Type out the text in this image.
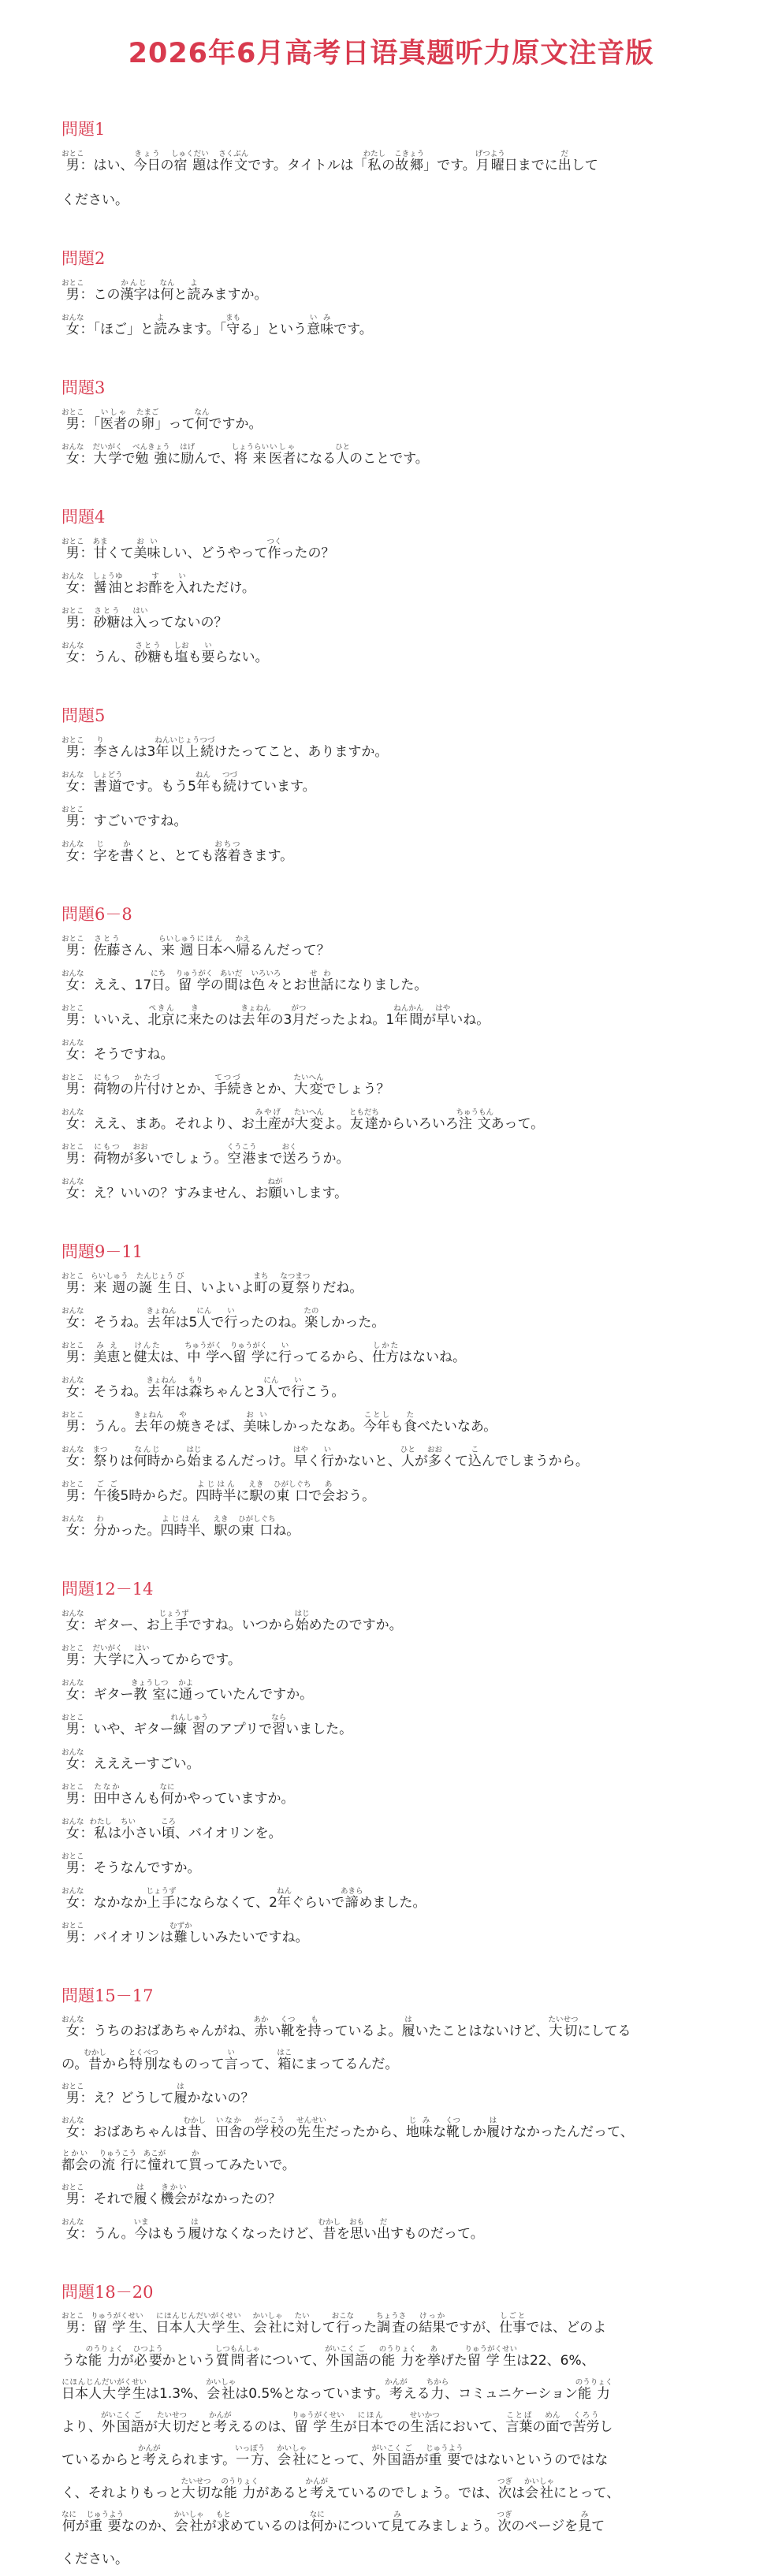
2026年6月高考日语真题听力原文注音版
問題1

男おとこ：はい、今日きょうの宿題しゅくだいは作文さくぶんです。タイトルは「私わたしの故郷こきょう」です。月曜げつよう日までに出だして

ください。

問題2

男おとこ：この漢字かんじは何なんと読よみますか。

女おんな：「ほご」と読よみます。「守まもる」という意味いみです。

問題3

男おとこ：「医者いしゃの卵たまご」って何なんですか。

女おんな：大学だいがくで勉強べんきょうに励はげんで、将来しょうらい医者いしゃになる人ひとのことです。

問題4

男おとこ：甘あまくて美味おいしい、どうやって作つくったの？

女おんな：醤油しょうゆとお酢すを入いれただけ。

男おとこ：砂糖さとうは入はいってないの？

女おんな：うん、砂糖さとうも塩しおも要いらない。

問題5

男おとこ：李りさんは3年ねん以上いじょう続つづけたってこと、ありますか。

女おんな：書道しょどうです。もう5年ねんも続つづけています。

男おとこ：すごいですね。

女おんな：字じを書かくと、とても落着おちつきます。

問題6－8

男おとこ：佐藤さとうさん、来週らいしゅう日本にほんへ帰かえるんだって？

女おんな：ええ、17日にち。留学りゅうがくの間あいだは色々いろいろとお世話せわになりました。

男おとこ：いいえ、北京ぺきんに来きたのは去年きょねんの3月がつだったよね。1年間ねんかんが早はやいね。

女おんな：そうですね。

男おとこ：荷物にもつの片付かたづけとか、手続てつづきとか、大変たいへんでしょう？

女おんな：ええ、まあ。それより、お土産みやげが大変たいへんよ。友達ともだちからいろいろ注文ちゅうもんあって。

男おとこ：荷物にもつが多おおいでしょう。空港くうこうまで送おくろうか。

女おんな：え？いいの？すみません、お願ねがいします。

問題9－11

男おとこ：来週らいしゅうの誕生たんじょう日び、いよいよ町まちの夏祭なつまつりだね。

女おんな：そうね。去年きょねんは5人にんで行いったのね。楽たのしかった。

男おとこ：美恵みえと健太けんたは、中学ちゅうがくへ留学りゅうがくに行いってるから、仕方しかたはないね。

女おんな：そうね。去年きょねんは森もりちゃんと3人にんで行いこう。

男おとこ：うん。去年きょねんの焼やきそば、美味おいしかったなあ。今年ことしも食たべたいなあ。

女おんな：祭まつりは何時なんじから始はじまるんだっけ。早はやく行いかないと、人ひとが多おおくて込こんでしまうから。

男おとこ：午後ごご5時からだ。四時半よじはんに駅えきの東口ひがしぐちで会あおう。

女おんな：分わかった。四時半よじはん、駅えきの東口ひがしぐちね。

問題12－14

女おんな：ギター、お上手じょうずですね。いつから始はじめたのですか。

男おとこ：大学だいがくに入はいってからです。

女おんな：ギター教室きょうしつに通かよっていたんですか。

男おとこ：いや、ギター練習れんしゅうのアプリで習ならいました。

女おんな：えええーすごい。

男おとこ：田中たなかさんも何なにかやっていますか。

女おんな：私わたしは小ちいさい頃ころ、バイオリンを。

男おとこ：そうなんですか。

女おんな：なかなか上手じょうずにならなくて、2年ねんぐらいで諦あきらめました。

男おとこ：バイオリンは難むずかしいみたいですね。

問題15－17

女おんな：うちのおばあちゃんがね、赤あかい靴くつを持もっているよ。履はいたことはないけど、大切たいせつにしてる

の。昔むかしから特別とくべつなものって言いって、箱はこにまってるんだ。

男おとこ：え？どうして履はかないの？

女おんな：おばあちゃんは昔むかし、田舎いなかの学校がっこうの先生せんせいだったから、地味じみな靴くつしか履はけなかったんだって、

都会とかいの流行りゅうこうに憧あこがれて買かってみたいで。

男おとこ：それで履はく機会きかいがなかったの？

女おんな：うん。今いまはもう履はけなくなったけど、昔むかしを思おもい出だすものだって。

問題18－20

男おとこ：留学りゅうがく生せい、日本人にほんじん大学だいがく生せい、会社かいしゃに対たいして行おこなった調査ちょうさの結果けっかですが、仕事しごとでは、どのよ

うな能力のうりょくが必要ひつようかという質しつ問者もんしゃについて、外国がいこく語ごの能力のうりょくを挙あげた留学りゅうがく生せいは22、6%、

日本人にほんじん大学だいがく生せいは1.3%、会社かいしゃは0.5%となっています。考かんがえる力ちから、コミュニケーション能力のうりょく

より、外国がいこく語ごが大切たいせつだと考かんがえるのは、留学りゅうがく生せいが日本にほんでの生活せいかつにおいて、言葉ことばの面めんで苦労くろうし

ているからと考かんがえられます。一方いっぽう、会社かいしゃにとって、外国がいこく語ごが重要じゅうようではないというのではな

く、それよりもっと大切たいせつな能力のうりょくがあると考かんがえているのでしょう。では、次つぎは会社かいしゃにとって、

何なにが重要じゅうようなのか、会社かいしゃが求もとめているのは何なにかについて見みてみましょう。次つぎのページを見みて

ください。
